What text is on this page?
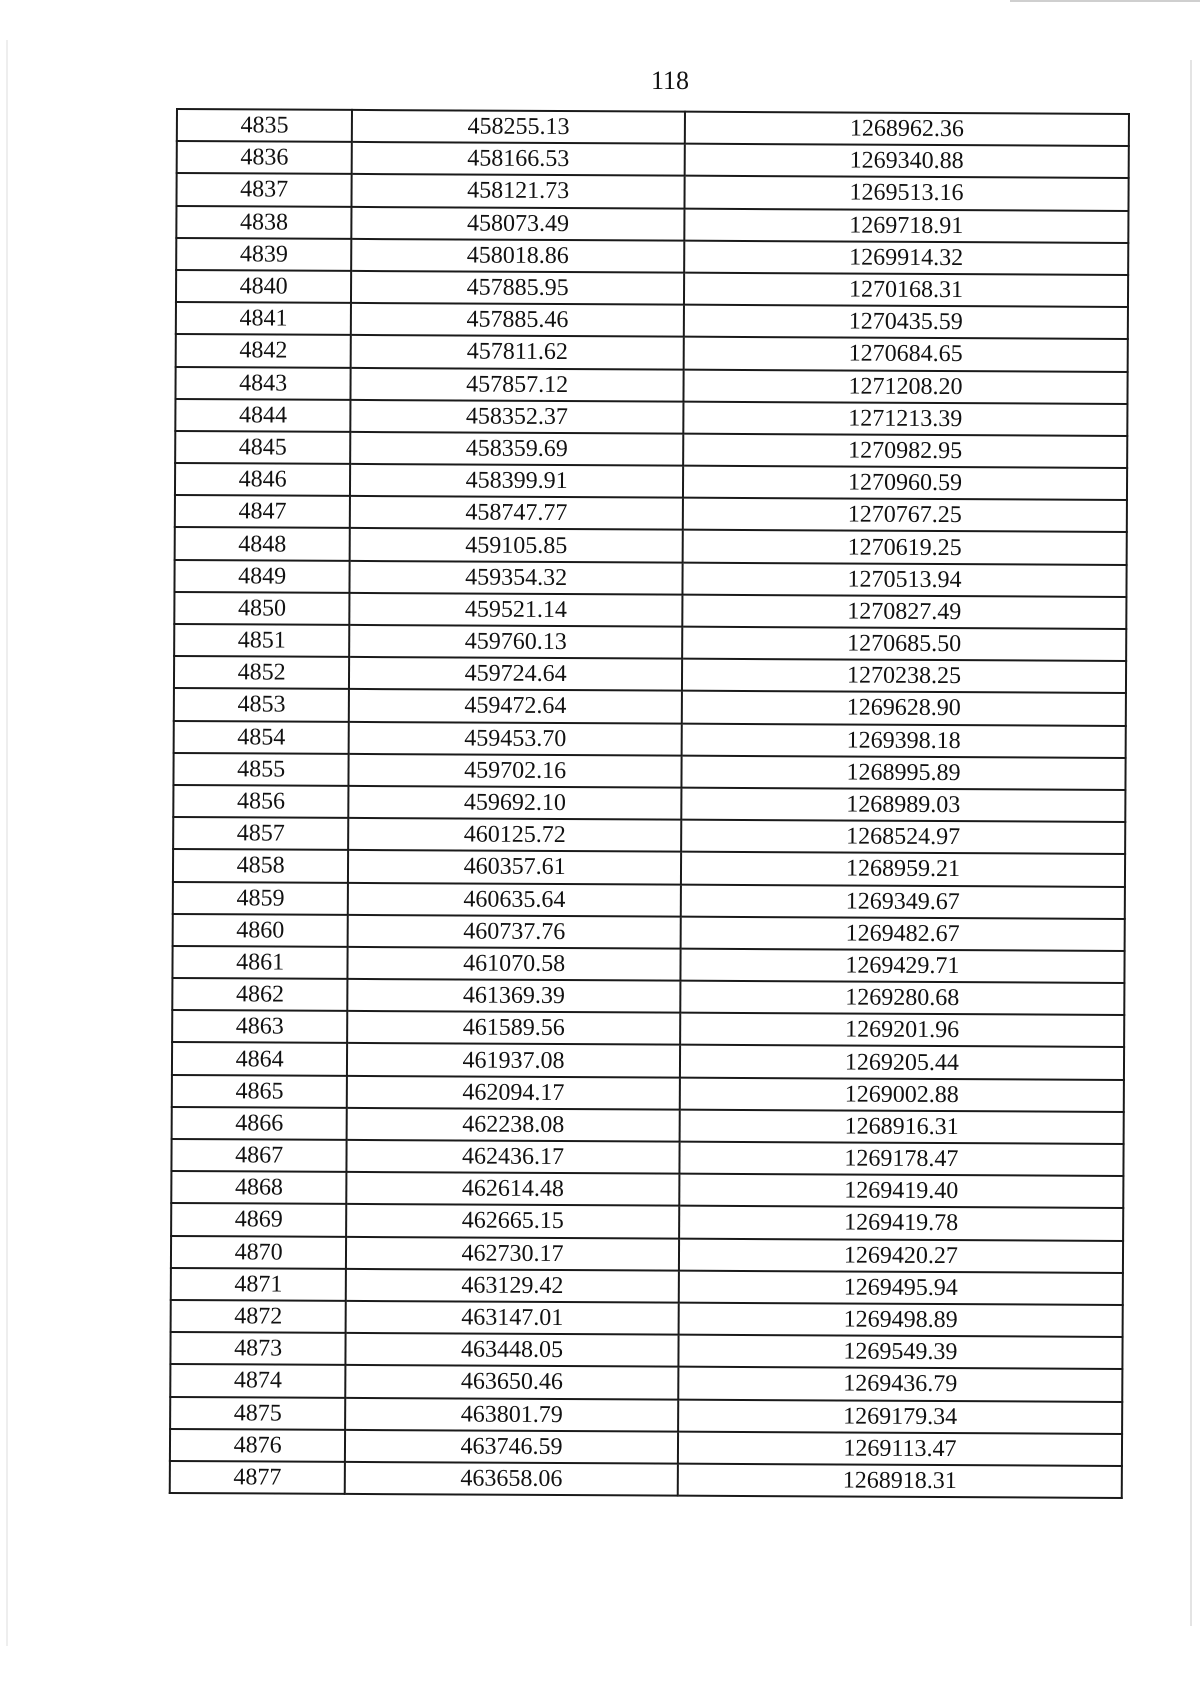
118
4835	458255.13	1268962.36
4836	458166.53	1269340.88
4837	458121.73	1269513.16
4838	458073.49	1269718.91
4839	458018.86	1269914.32
4840	457885.95	1270168.31
4841	457885.46	1270435.59
4842	457811.62	1270684.65
4843	457857.12	1271208.20
4844	458352.37	1271213.39
4845	458359.69	1270982.95
4846	458399.91	1270960.59
4847	458747.77	1270767.25
4848	459105.85	1270619.25
4849	459354.32	1270513.94
4850	459521.14	1270827.49
4851	459760.13	1270685.50
4852	459724.64	1270238.25
4853	459472.64	1269628.90
4854	459453.70	1269398.18
4855	459702.16	1268995.89
4856	459692.10	1268989.03
4857	460125.72	1268524.97
4858	460357.61	1268959.21
4859	460635.64	1269349.67
4860	460737.76	1269482.67
4861	461070.58	1269429.71
4862	461369.39	1269280.68
4863	461589.56	1269201.96
4864	461937.08	1269205.44
4865	462094.17	1269002.88
4866	462238.08	1268916.31
4867	462436.17	1269178.47
4868	462614.48	1269419.40
4869	462665.15	1269419.78
4870	462730.17	1269420.27
4871	463129.42	1269495.94
4872	463147.01	1269498.89
4873	463448.05	1269549.39
4874	463650.46	1269436.79
4875	463801.79	1269179.34
4876	463746.59	1269113.47
4877	463658.06	1268918.31
